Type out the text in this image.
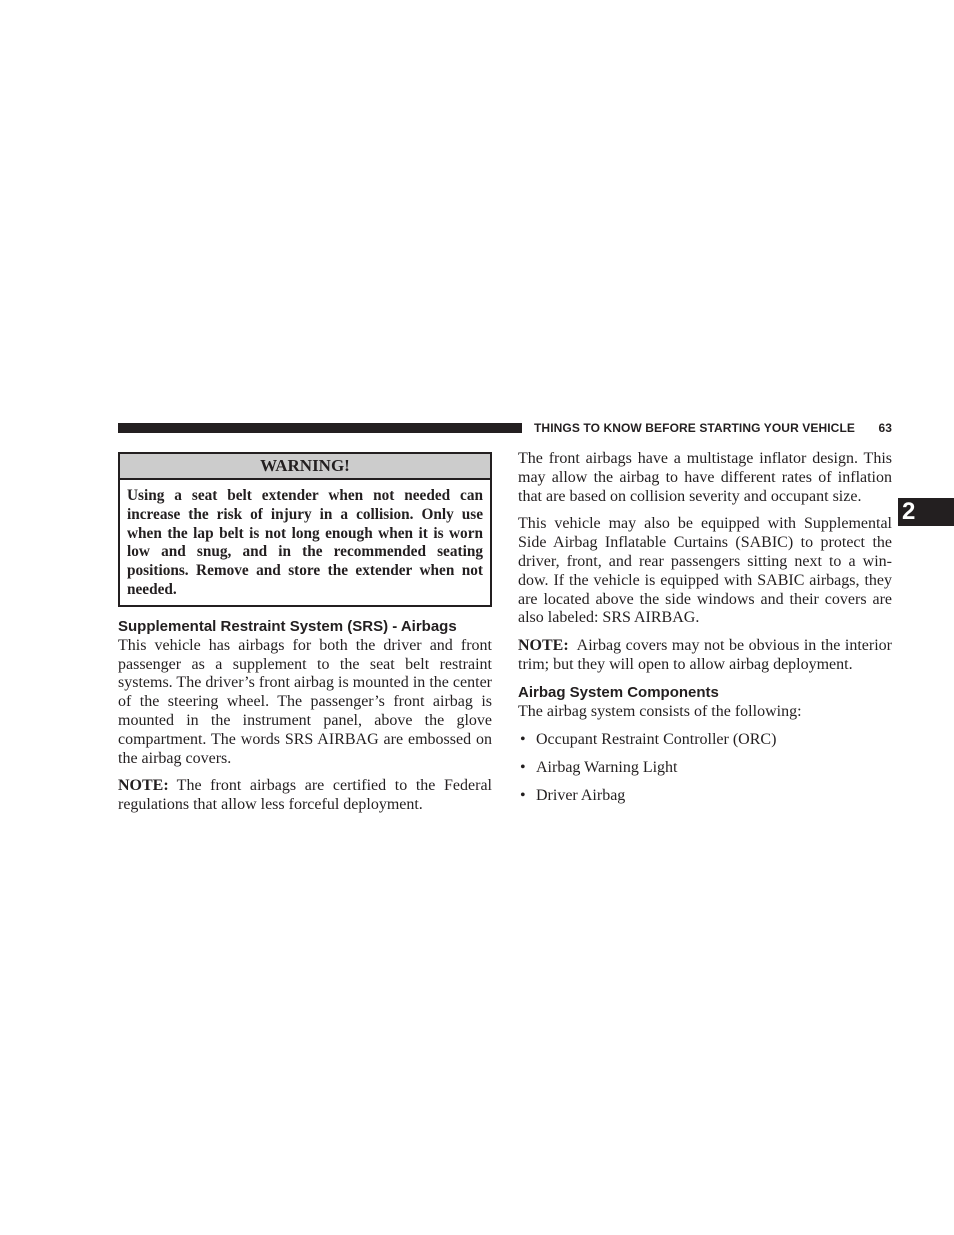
THINGS TO KNOW BEFORE STARTING YOUR VEHICLE 63
2
WARNING!
Using a seat belt extender when not needed can increase the risk of injury in a collision. Only use when the lap belt is not long enough when it is worn low and snug, and in the recommended seating positions. Remove and store the extender when not needed.
Supplemental Restraint System (SRS) - Airbags

This vehicle has airbags for both the driver and front passenger as a supplement to the seat belt restraint systems. The driver’s front airbag is mounted in the center of the steering wheel. The passenger’s front airbag is mounted in the instrument panel, above the glove compartment. The words SRS AIRBAG are embossed on the airbag covers.

NOTE: The front airbags are certified to the Federal regulations that allow less forceful deployment.

The front airbags have a multistage inflator design. This may allow the airbag to have different rates of inflation that are based on collision severity and occupant size.

This vehicle may also be equipped with Supplemental Side Airbag Inflatable Curtains (SABIC) to protect the driver, front, and rear passengers sitting next to a win- dow. If the vehicle is equipped with SABIC airbags, they are located above the side windows and their covers are also labeled: SRS AIRBAG.

NOTE: Airbag covers may not be obvious in the interior trim; but they will open to allow airbag deployment.

Airbag System Components

The airbag system consists of the following:

• Occupant Restraint Controller (ORC)
• Airbag Warning Light
• Driver Airbag
